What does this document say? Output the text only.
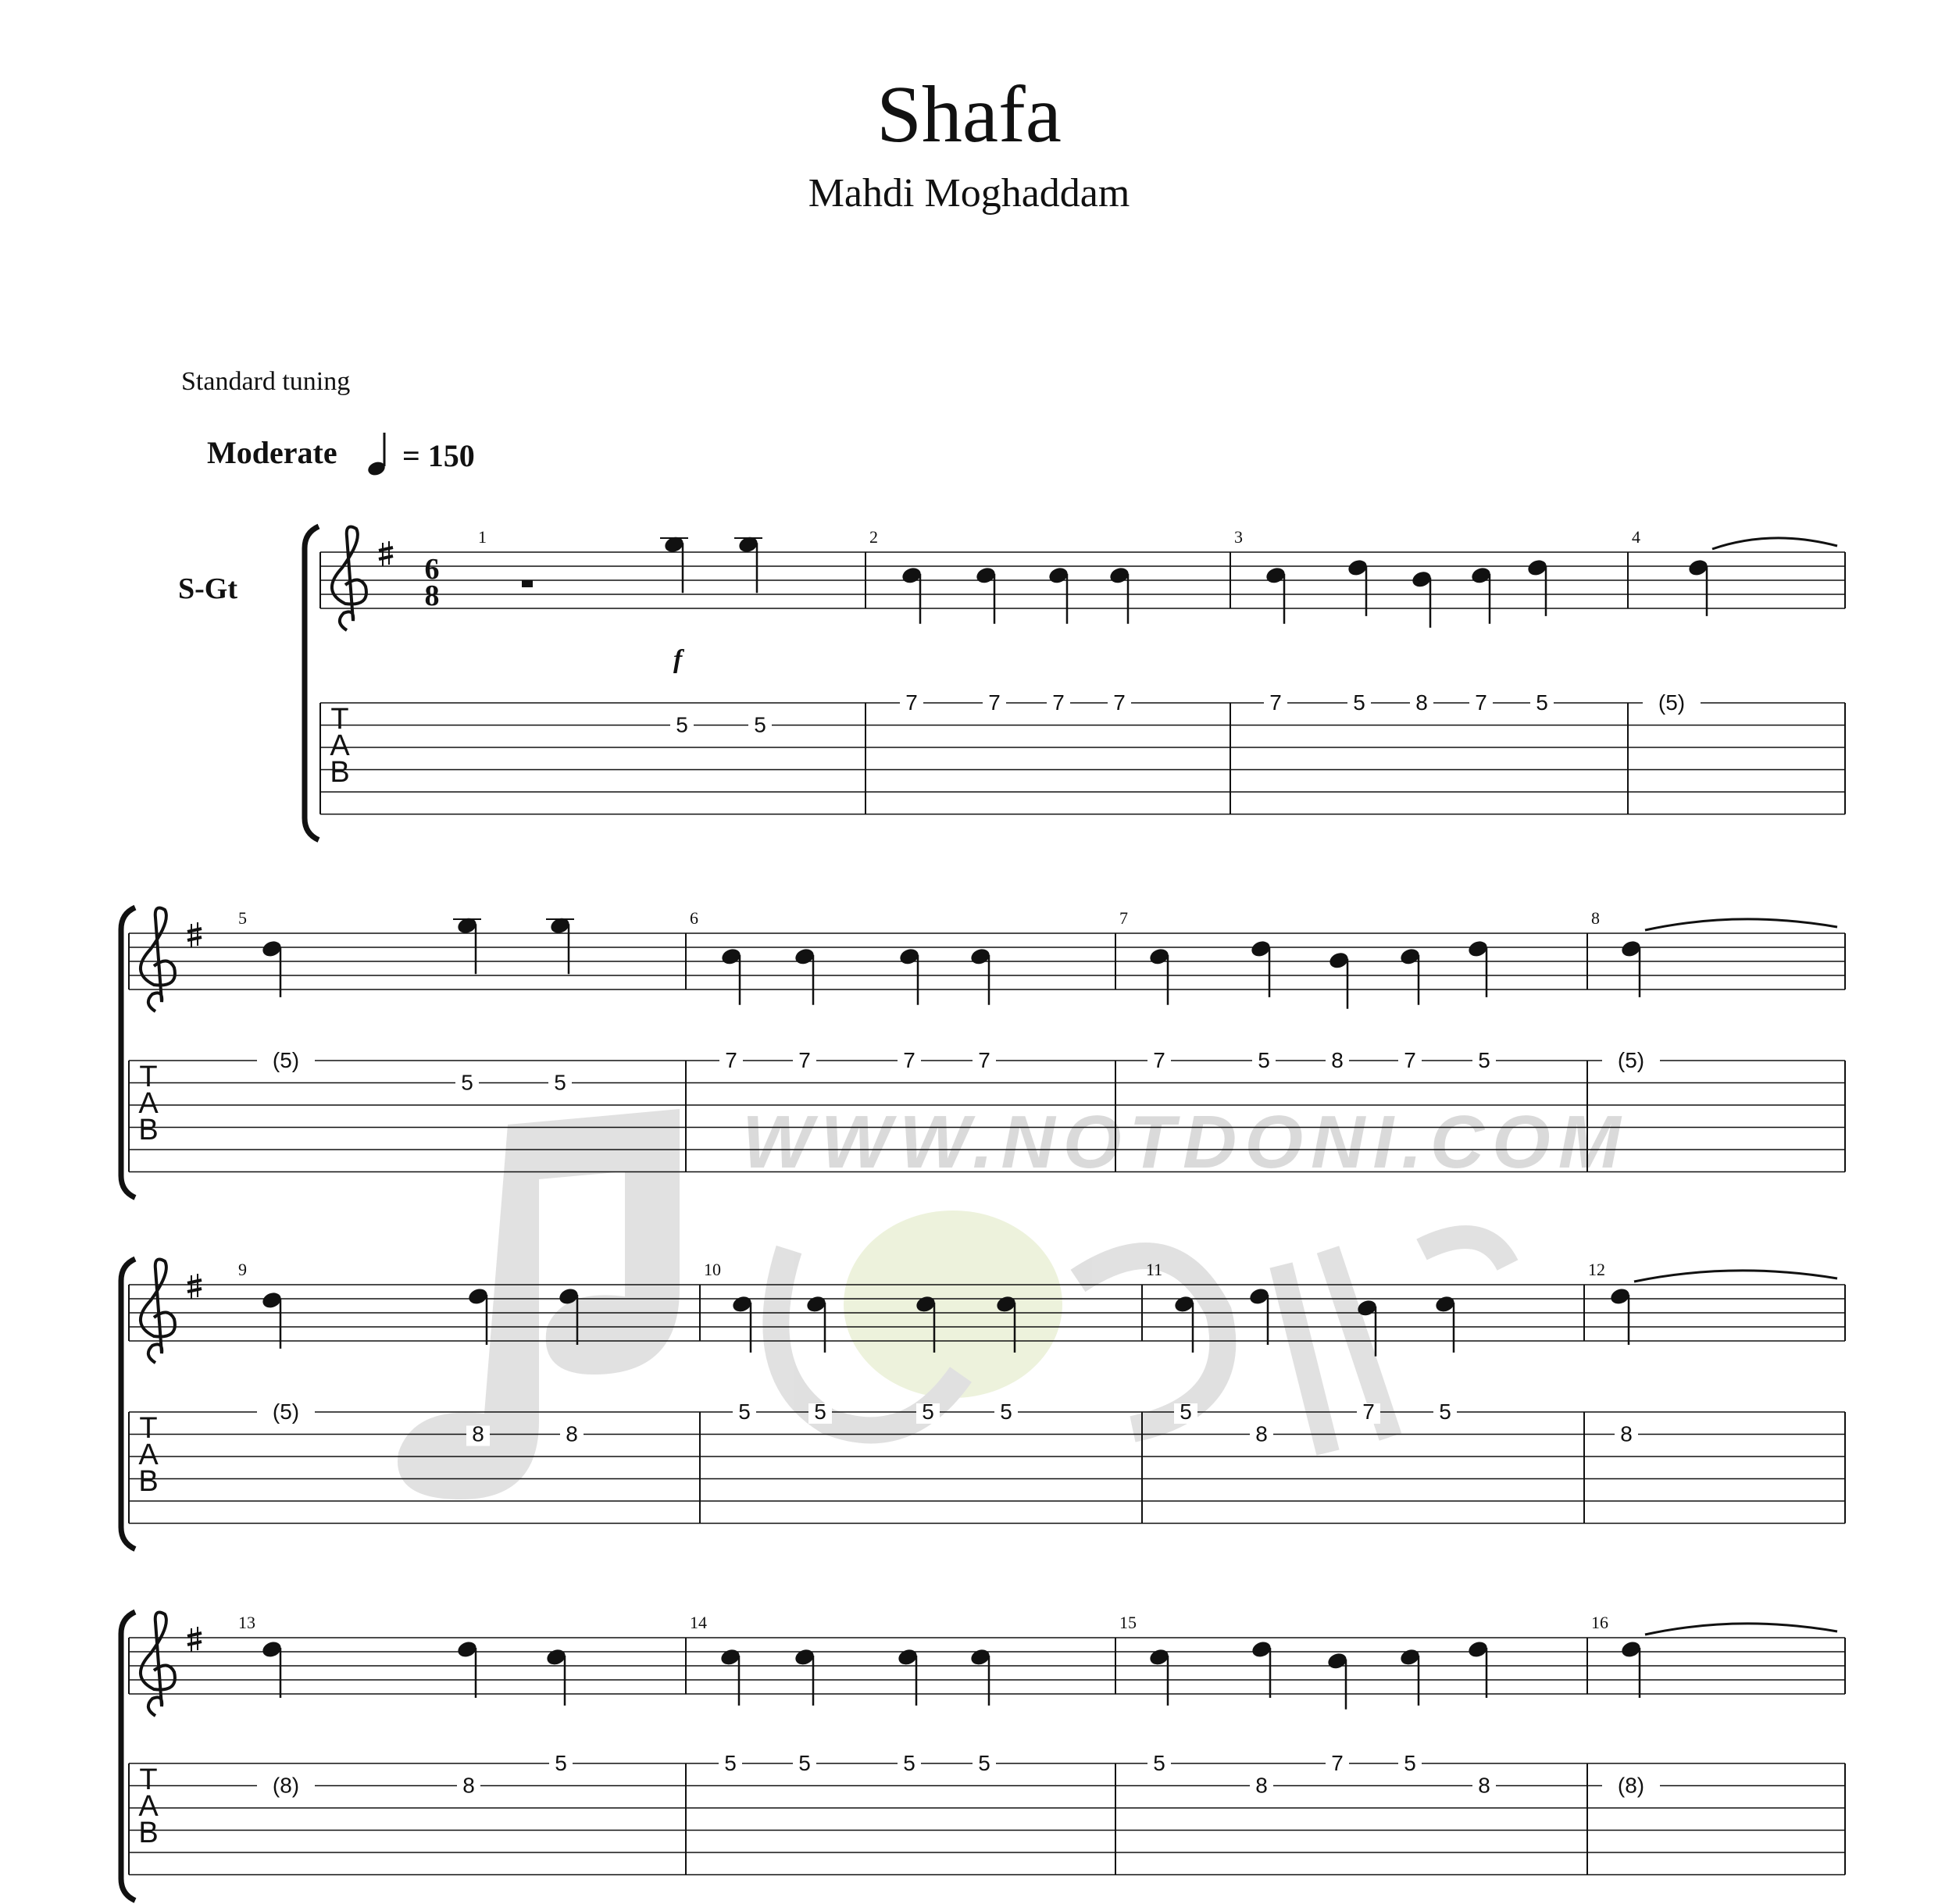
Shafa
Mahdi Moghaddam
Standard tuning
Moderate = 150
S-Gt
WWW.NOTDONI.COM
T
A
B
6
8
1
5	5
2
7	7 7 7
3
7	5 8 7 5
4
(5)
T
A
B
5
(5)
5	5
6
7	7	7	7
7
7	5	8	7	5
8
(5)
T
A
B
9
(5)
8	8
10
5	5	5	5
11
5
8
7	5
12
8
T
A
B
13
(8)	8
5
14
5	5	5	5
15
5
8
7	5
8
16
(8)
f
